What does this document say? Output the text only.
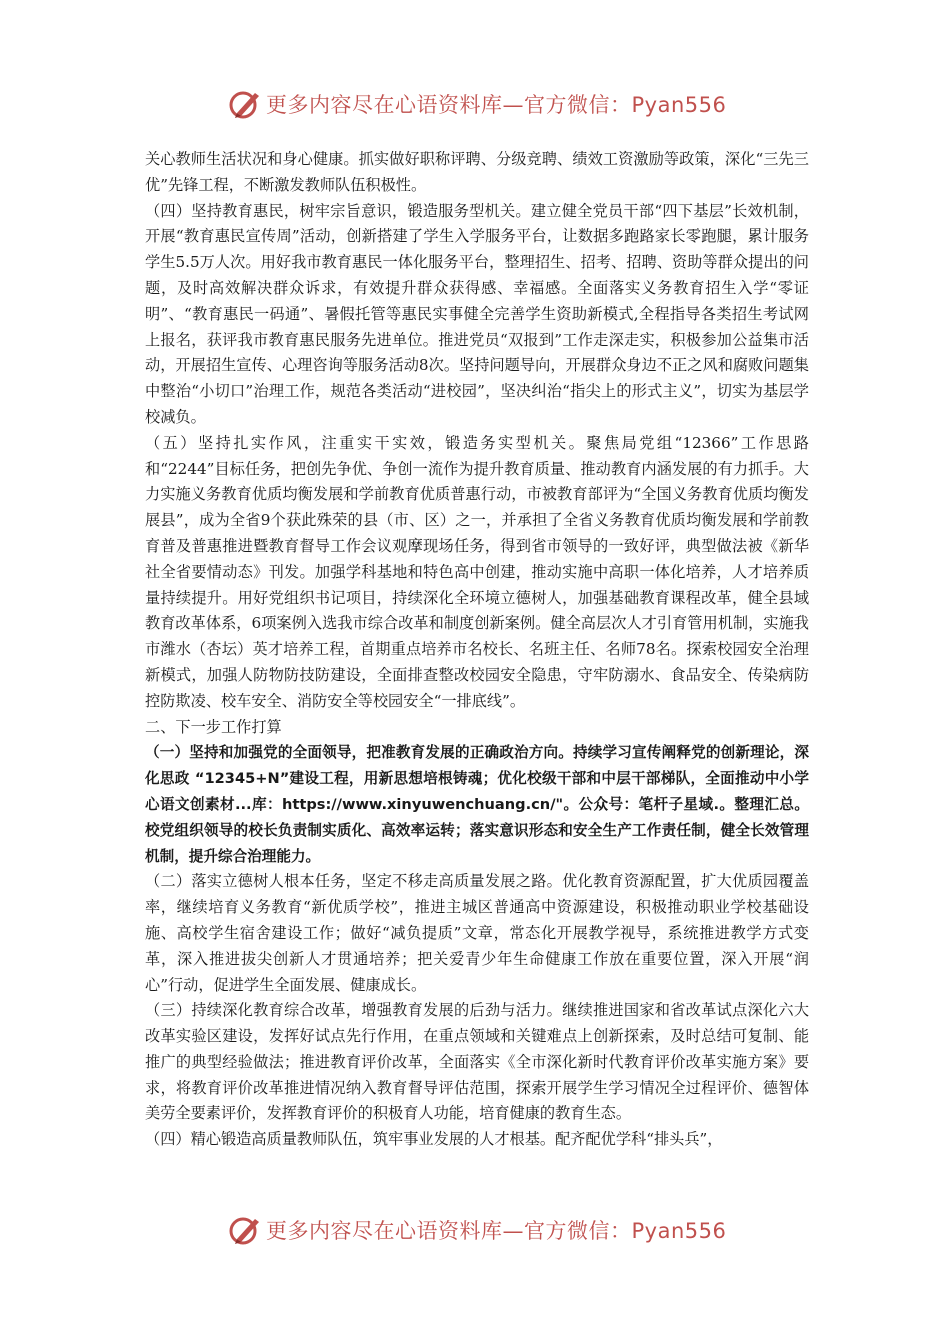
更多内容尽在心语资料库—官方微信：Pyan556

关心教师生活状况和身心健康。抓实做好职称评聘、分级竞聘、绩效工资激励等政策，深化“三先三优”先锋工程，不断激发教师队伍积极性。

（四）坚持教育惠民，树牢宗旨意识，锻造服务型机关。建立健全党员干部“四下基层”长效机制，开展“教育惠民宣传周”活动，创新搭建了学生入学服务平台，让数据多跑路家长零跑腿，累计服务学生5.5万人次。用好我市教育惠民一体化服务平台，整理招生、招考、招聘、资助等群众提出的问题，及时高效解决群众诉求，有效提升群众获得感、幸福感。全面落实义务教育招生入学“零证明”、“教育惠民一码通”、暑假托管等惠民实事健全完善学生资助新模式,全程指导各类招生考试网上报名，获评我市教育惠民服务先进单位。推进党员“双报到”工作走深走实，积极参加公益集市活动，开展招生宣传、心理咨询等服务活动8次。坚持问题导向，开展群众身边不正之风和腐败问题集中整治“小切口”治理工作，规范各类活动“进校园”，坚决纠治“指尖上的形式主义”，切实为基层学校减负。

（五）坚持扎实作风，注重实干实效，锻造务实型机关。聚焦局党组“12366”工作思路和“2244”目标任务，把创先争优、争创一流作为提升教育质量、推动教育内涵发展的有力抓手。大力实施义务教育优质均衡发展和学前教育优质普惠行动，市被教育部评为“全国义务教育优质均衡发展县”，成为全省9个获此殊荣的县（市、区）之一，并承担了全省义务教育优质均衡发展和学前教育普及普惠推进暨教育督导工作会议观摩现场任务，得到省市领导的一致好评，典型做法被《新华社全省要情动态》刊发。加强学科基地和特色高中创建，推动实施中高职一体化培养，人才培养质量持续提升。用好党组织书记项目，持续深化全环境立德树人，加强基础教育课程改革，健全县域教育改革体系，6项案例入选我市综合改革和制度创新案例。健全高层次人才引育管用机制，实施我市潍水（杏坛）英才培养工程，首期重点培养市名校长、名班主任、名师78名。探索校园安全治理新模式，加强人防物防技防建设，全面排查整改校园安全隐患，守牢防溺水、食品安全、传染病防控防欺凌、校车安全、消防安全等校园安全“一排底线”。

二、下一步工作打算

（一）坚持和加强党的全面领导，把准教育发展的正确政治方向。持续学习宣传阐释党的创新理论，深化思政 “12345+N”建设工程，用新思想培根铸魂；优化校级干部和中层干部梯队，全面推动中小学心语文创素材...库：https://www.xinyuwenchuang.cn/"。公众号：笔杆子星域.。整理汇总。校党组织领导的校长负责制实质化、高效率运转；落实意识形态和安全生产工作责任制，健全长效管理机制，提升综合治理能力。

（二）落实立德树人根本任务，坚定不移走高质量发展之路。优化教育资源配置，扩大优质园覆盖率，继续培育义务教育“新优质学校”，推进主城区普通高中资源建设，积极推动职业学校基础设施、高校学生宿舍建设工作；做好“减负提质”文章，常态化开展教学视导，系统推进教学方式变革，深入推进拔尖创新人才贯通培养；把关爱青少年生命健康工作放在重要位置，深入开展“润心”行动，促进学生全面发展、健康成长。

（三）持续深化教育综合改革，增强教育发展的后劲与活力。继续推进国家和省改革试点深化六大改革实验区建设，发挥好试点先行作用，在重点领域和关键难点上创新探索，及时总结可复制、能推广的典型经验做法；推进教育评价改革，全面落实《全市深化新时代教育评价改革实施方案》要求，将教育评价改革推进情况纳入教育督导评估范围，探索开展学生学习情况全过程评价、德智体美劳全要素评价，发挥教育评价的积极育人功能，培育健康的教育生态。

（四）精心锻造高质量教师队伍，筑牢事业发展的人才根基。配齐配优学科“排头兵”，

更多内容尽在心语资料库—官方微信：Pyan556
